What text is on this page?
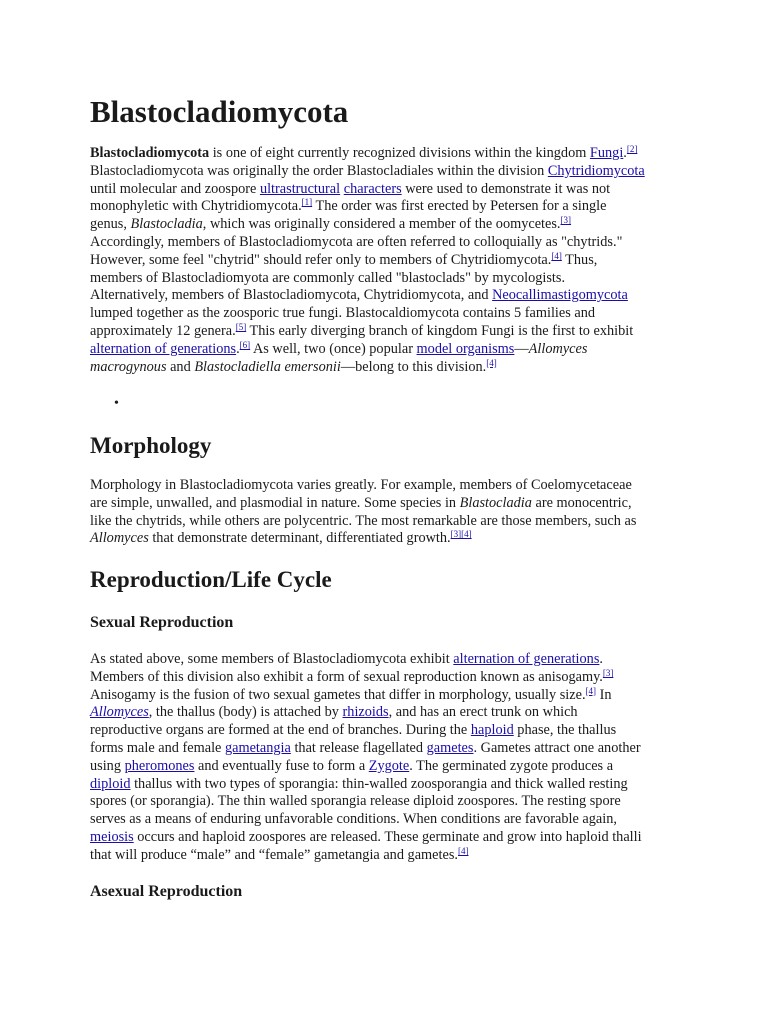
Blastocladiomycota
Blastocladiomycota is one of eight currently recognized divisions within the kingdom Fungi.[2]
Blastocladiomycota was originally the order Blastocladiales within the division Chytridiomycota
until molecular and zoospore ultrastructural characters were used to demonstrate it was not
monophyletic with Chytridiomycota.[1] The order was first erected by Petersen for a single
genus, Blastocladia, which was originally considered a member of the oomycetes.[3]
Accordingly, members of Blastocladiomycota are often referred to colloquially as "chytrids."
However, some feel "chytrid" should refer only to members of Chytridiomycota.[4] Thus,
members of Blastocladiomyota are commonly called "blastoclads" by mycologists.
Alternatively, members of Blastocladiomycota, Chytridiomycota, and Neocallimastigomycota
lumped together as the zoosporic true fungi. Blastocaldiomycota contains 5 families and
approximately 12 genera.[5] This early diverging branch of kingdom Fungi is the first to exhibit
alternation of generations.[6] As well, two (once) popular model organisms—Allomyces
macrogynous and Blastocladiella emersonii—belong to this division.[4]
•
Morphology
Morphology in Blastocladiomycota varies greatly. For example, members of Coelomycetaceae
are simple, unwalled, and plasmodial in nature. Some species in Blastocladia are monocentric,
like the chytrids, while others are polycentric. The most remarkable are those members, such as
Allomyces that demonstrate determinant, differentiated growth.[3][4]
Reproduction/Life Cycle
Sexual Reproduction
As stated above, some members of Blastocladiomycota exhibit alternation of generations.
Members of this division also exhibit a form of sexual reproduction known as anisogamy.[3]
Anisogamy is the fusion of two sexual gametes that differ in morphology, usually size.[4] In
Allomyces, the thallus (body) is attached by rhizoids, and has an erect trunk on which
reproductive organs are formed at the end of branches. During the haploid phase, the thallus
forms male and female gametangia that release flagellated gametes. Gametes attract one another
using pheromones and eventually fuse to form a Zygote. The germinated zygote produces a
diploid thallus with two types of sporangia: thin-walled zoosporangia and thick walled resting
spores (or sporangia). The thin walled sporangia release diploid zoospores. The resting spore
serves as a means of enduring unfavorable conditions. When conditions are favorable again,
meiosis occurs and haploid zoospores are released. These germinate and grow into haploid thalli
that will produce “male” and “female” gametangia and gametes.[4]
Asexual Reproduction
